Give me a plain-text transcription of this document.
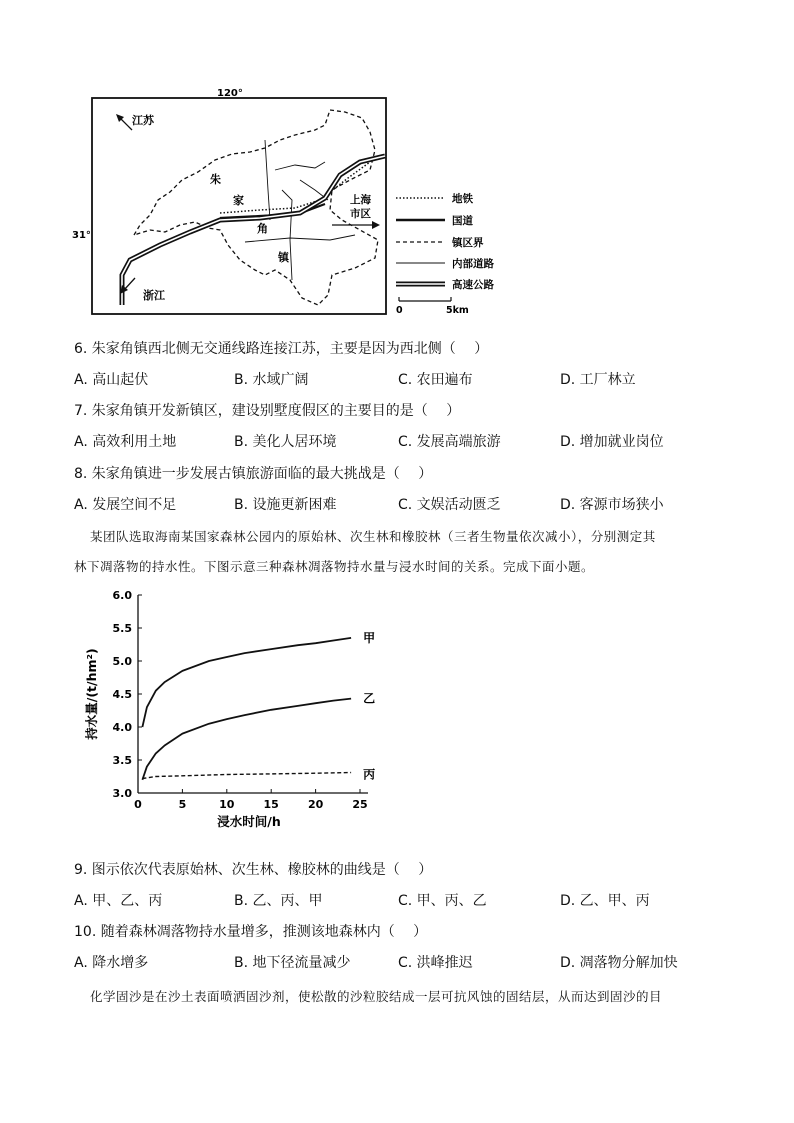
120°
31°
江苏
浙江
上海
市区
朱
家
角
镇
地铁
国道
镇区界
内部道路
高速公路
0	5km
6. 朱家角镇西北侧无交通线路连接江苏，主要是因为西北侧（　 ）
A. 高山起伏	B. 水域广阔	C. 农田遍布	D. 工厂林立
7. 朱家角镇开发新镇区，建设别墅度假区的主要目的是（　 ）
A. 高效利用土地	B. 美化人居环境	C. 发展高端旅游	D. 增加就业岗位
8. 朱家角镇进一步发展古镇旅游面临的最大挑战是（　 ）
A. 发展空间不足	B. 设施更新困难	C. 文娱活动匮乏	D. 客源市场狭小
某团队选取海南某国家森林公园内的原始林、次生林和橡胶林（三者生物量依次减小），分别测定其
林下凋落物的持水性。下图示意三种森林凋落物持水量与浸水时间的关系。完成下面小题。
3.0
3.5
4.0
4.5
5.0
5.5
6.0
0	5	10	15	20	25
甲
乙
丙
浸水时间/h
持水量/(t/hm²)
9. 图示依次代表原始林、次生林、橡胶林的曲线是（　 ）
A. 甲、乙、丙	B. 乙、丙、甲	C. 甲、丙、乙	D. 乙、甲、丙
10. 随着森林凋落物持水量增多，推测该地森林内（　 ）
A. 降水增多	B. 地下径流量减少	C. 洪峰推迟	D. 凋落物分解加快
化学固沙是在沙土表面喷洒固沙剂，使松散的沙粒胶结成一层可抗风蚀的固结层，从而达到固沙的目
